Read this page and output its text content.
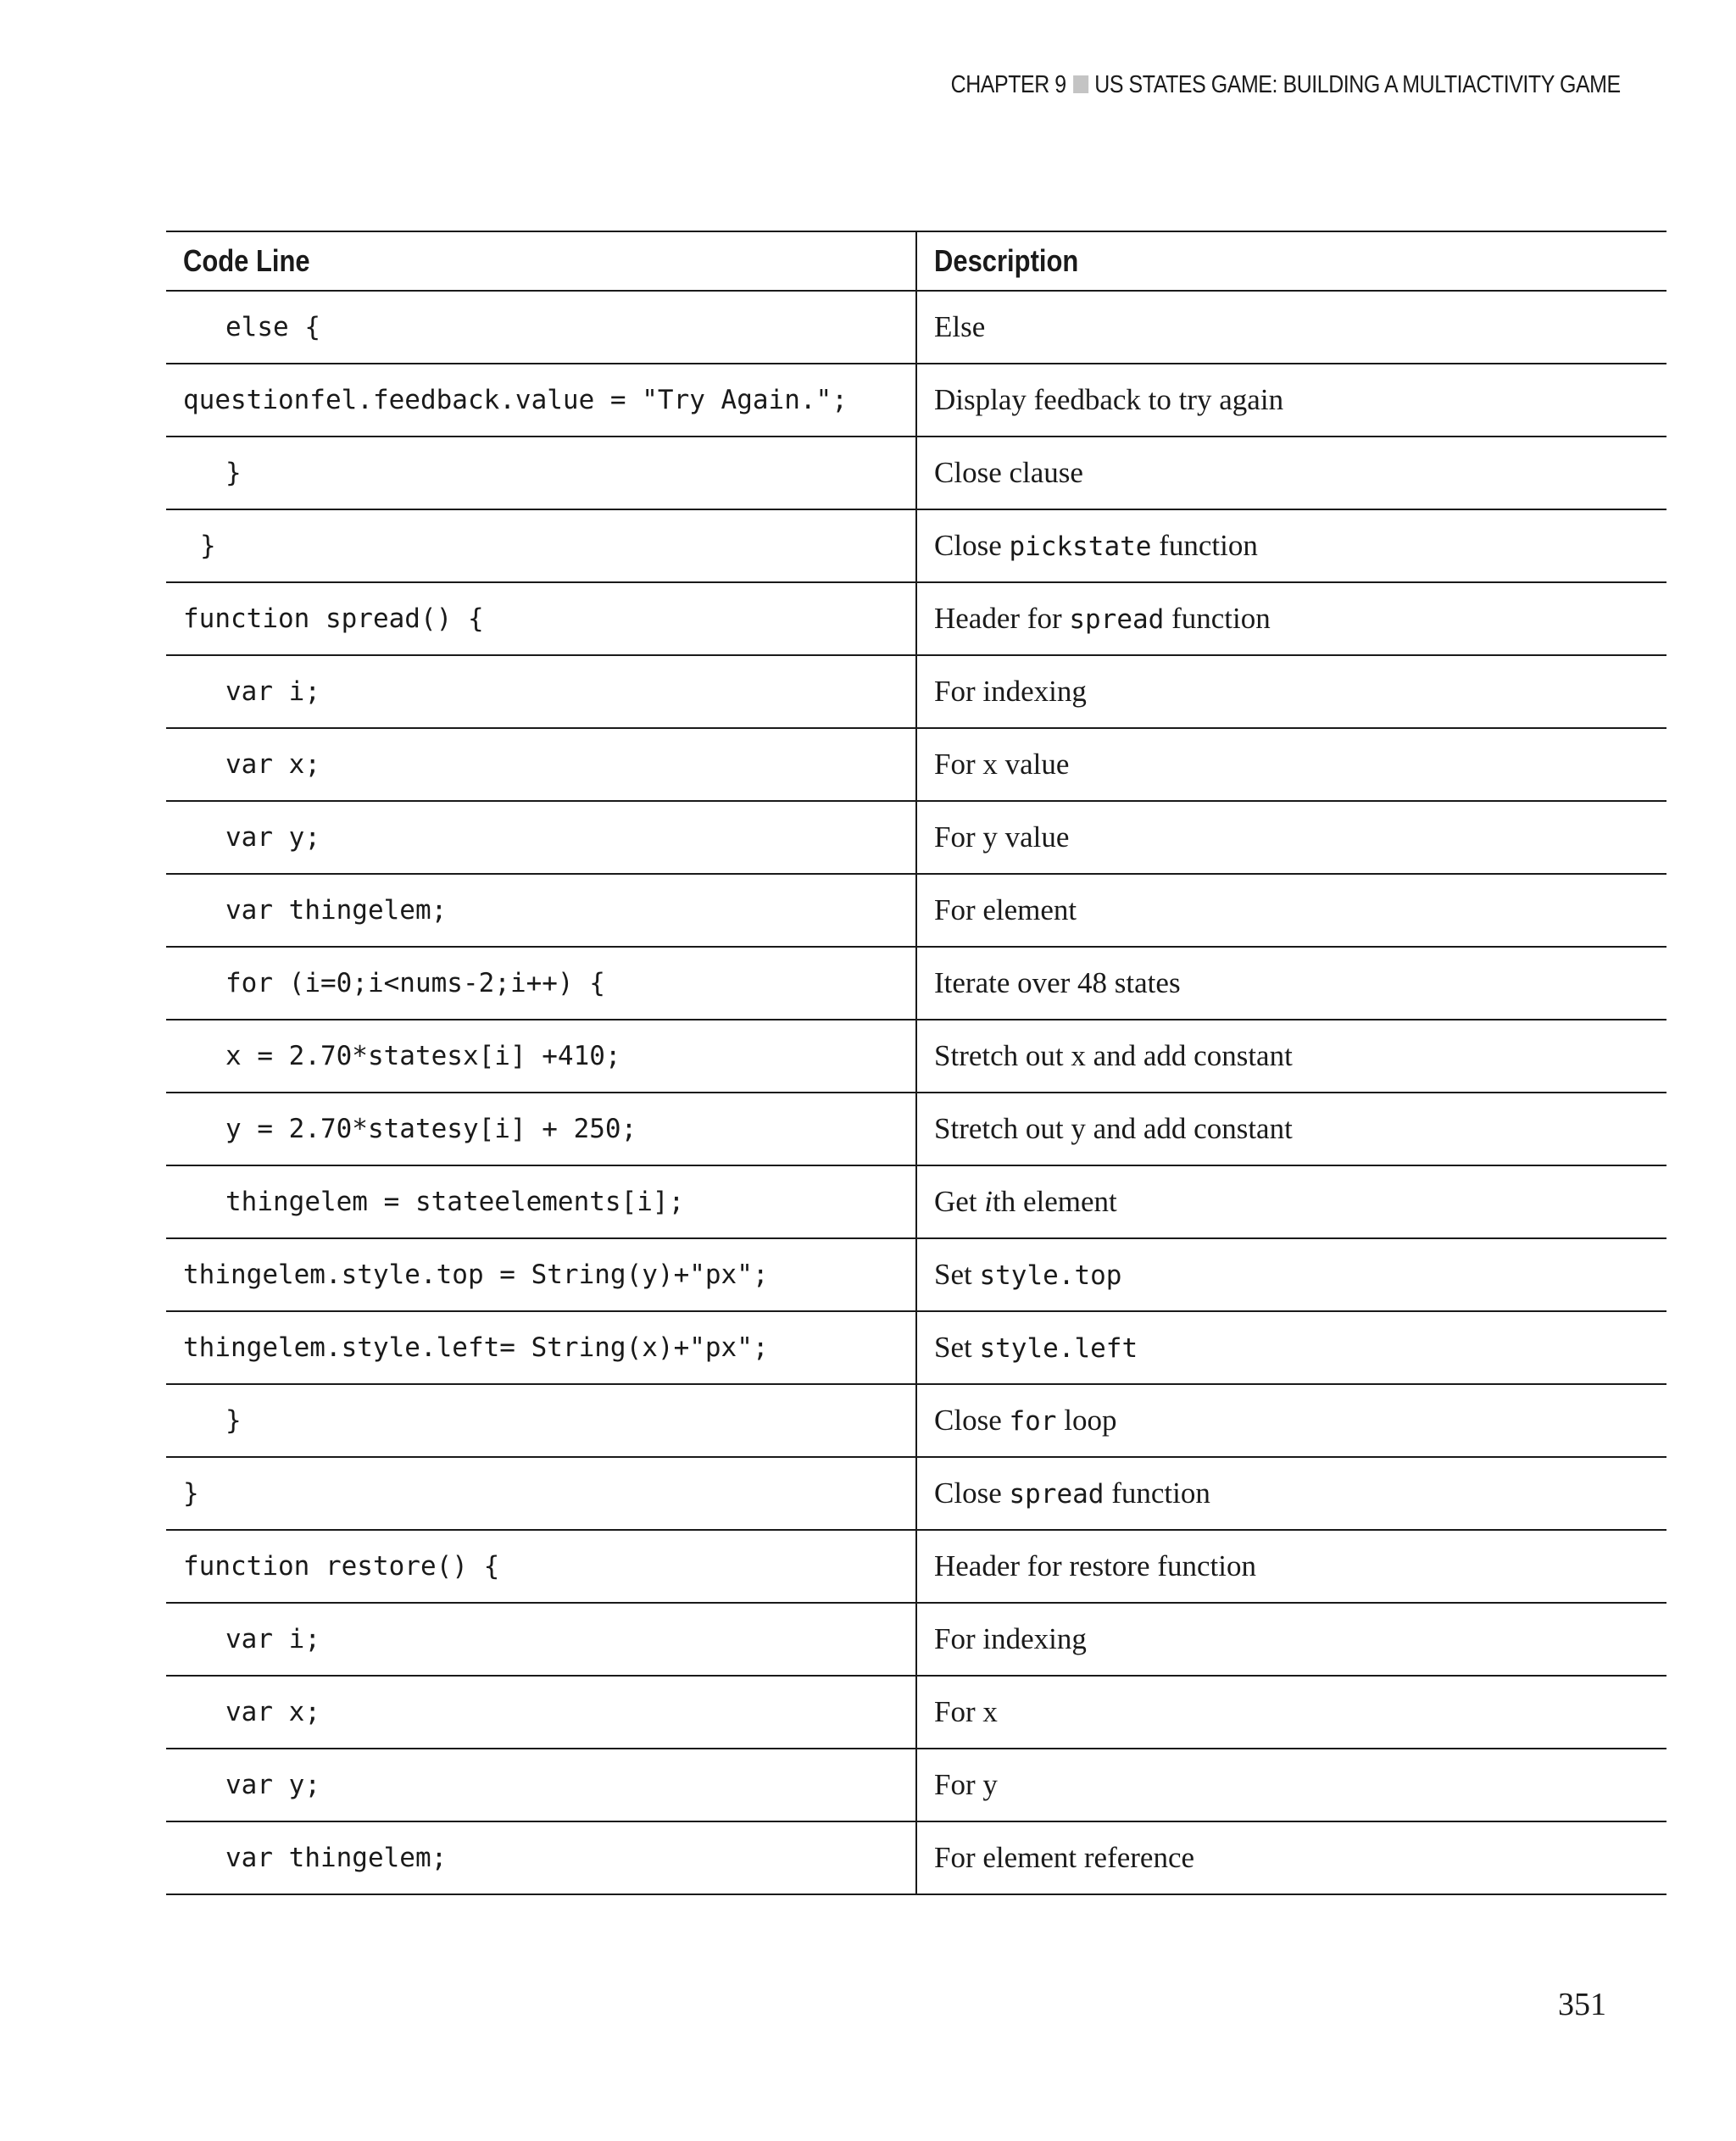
CHAPTER 9 US STATES GAME: BUILDING A MULTIACTIVITY GAME
Code Line	Description
else {	Else
questionfel.feedback.value = "Try Again.";	Display feedback to try again
}	Close clause
}	Close pickstate function
function spread() {	Header for spread function
var i;	For indexing
var x;	For x value
var y;	For y value
var thingelem;	For element
for (i=0;i<nums-2;i++) {	Iterate over 48 states
x = 2.70*statesx[i] +410;	Stretch out x and add constant
y = 2.70*statesy[i] + 250;	Stretch out y and add constant
thingelem = stateelements[i];	Get ith element
thingelem.style.top = String(y)+"px";	Set style.top
thingelem.style.left= String(x)+"px";	Set style.left
}	Close for loop
}	Close spread function
function restore() {	Header for restore function
var i;	For indexing
var x;	For x
var y;	For y
var thingelem;	For element reference
351
